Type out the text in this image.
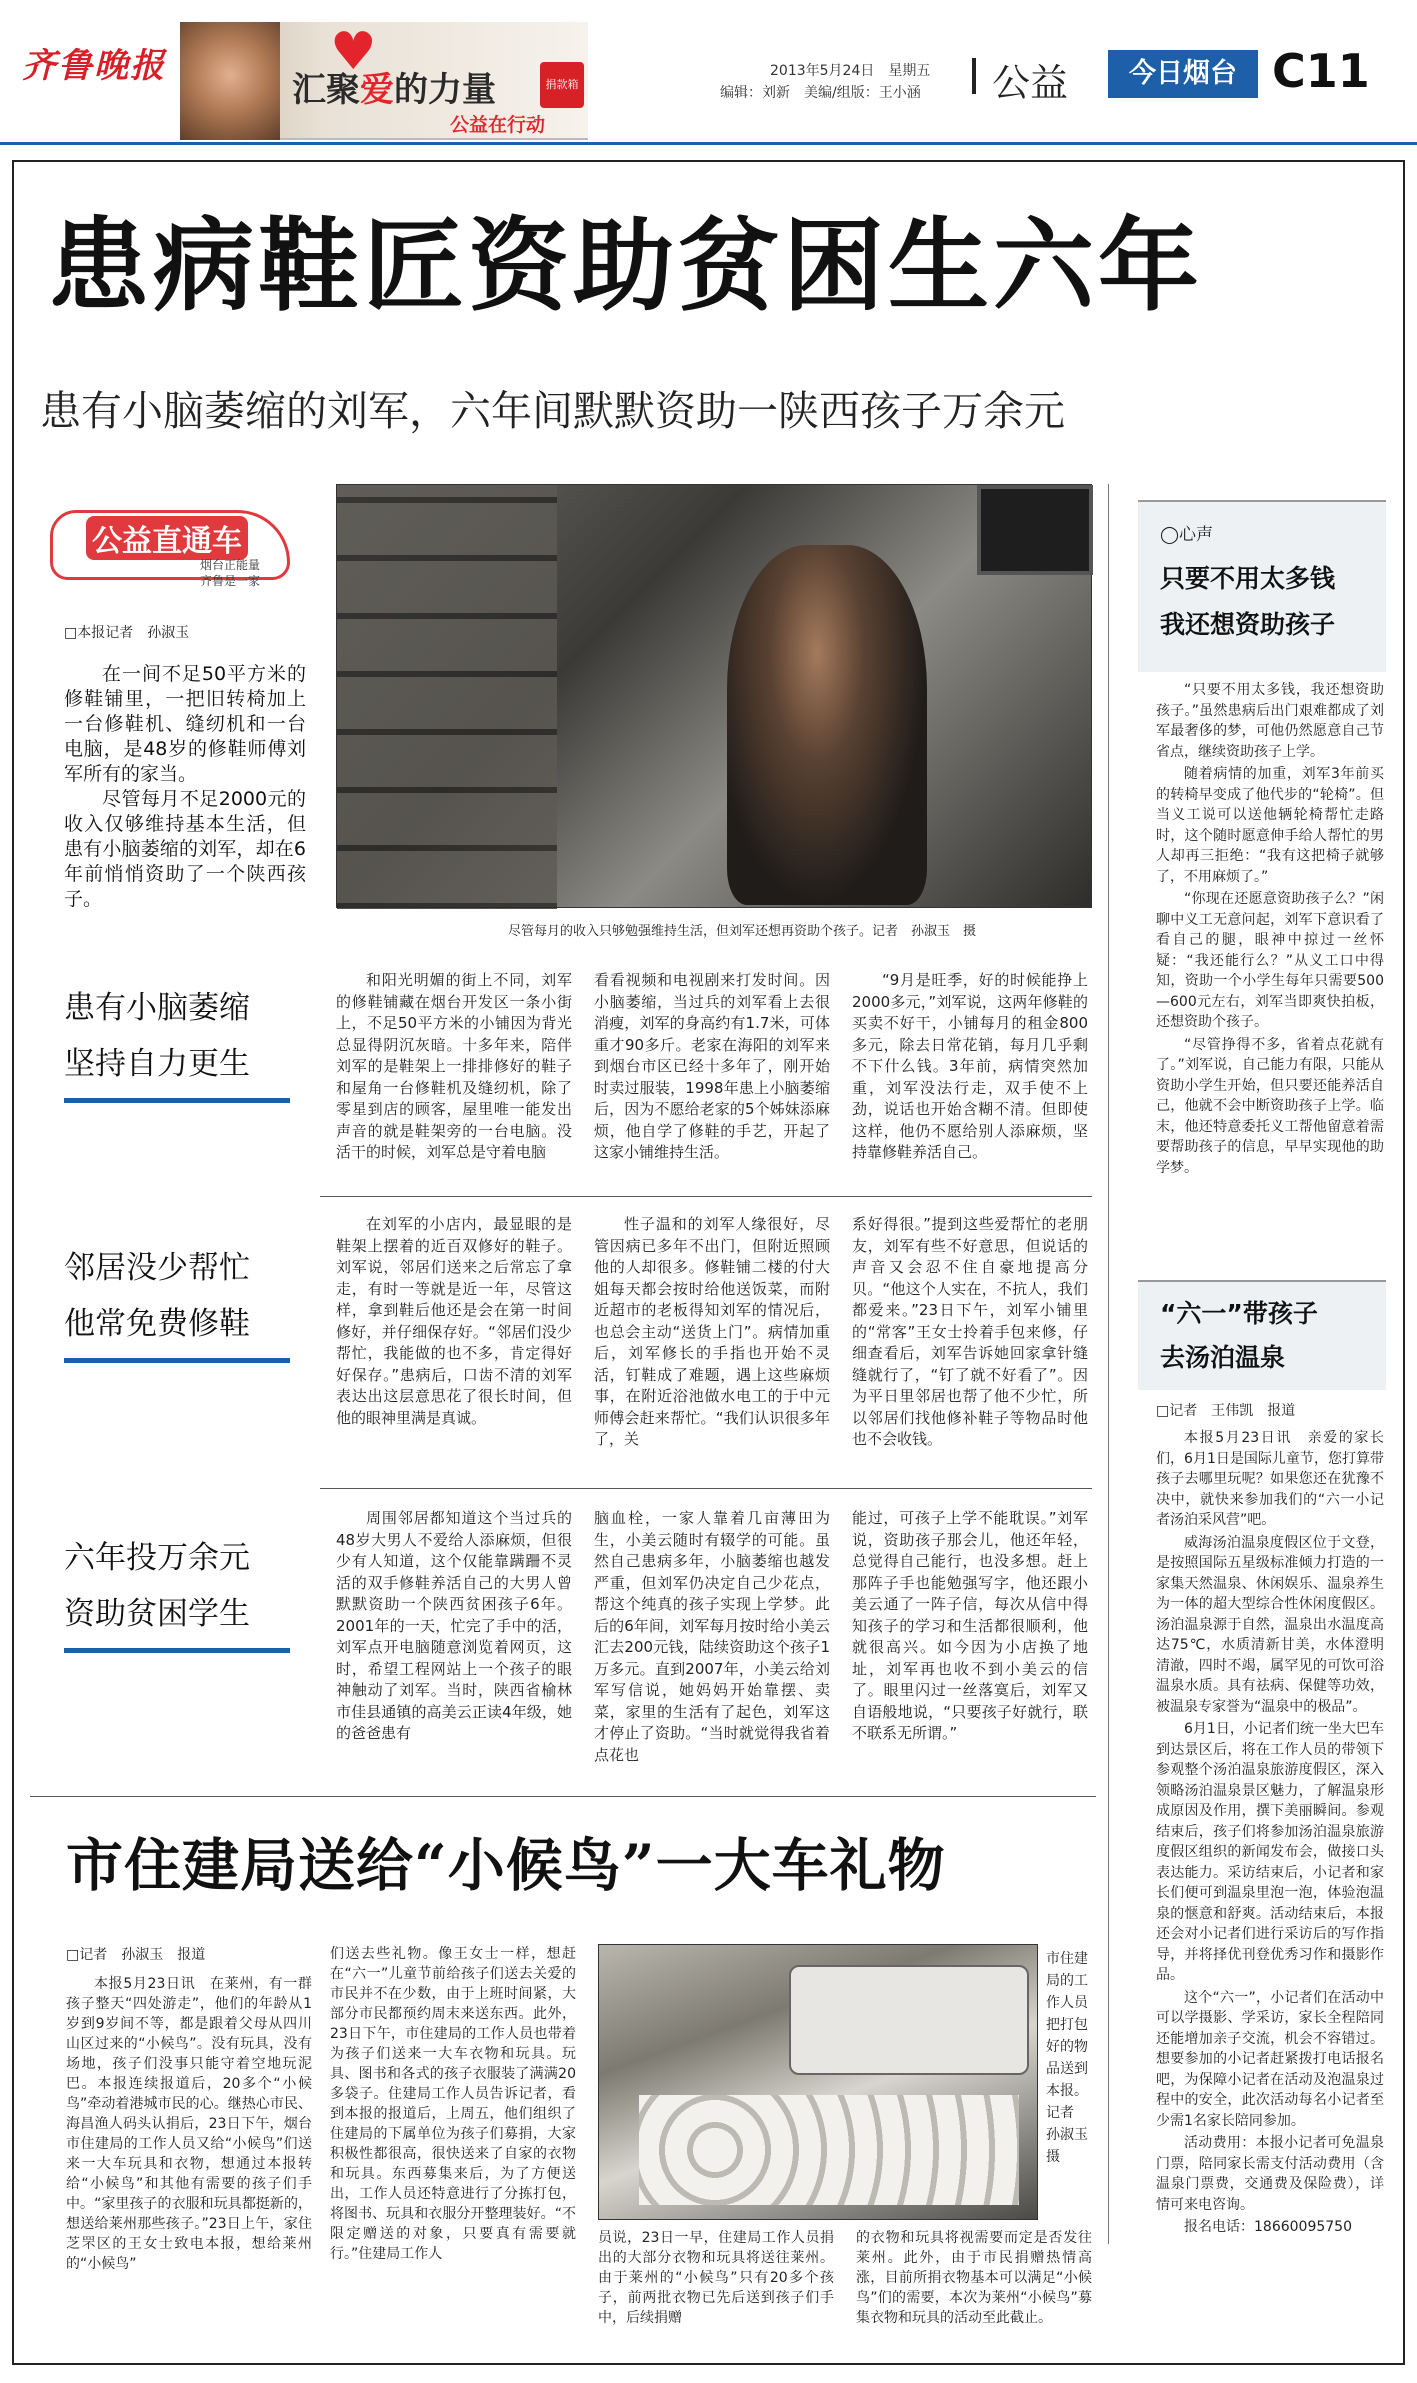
齐鲁晚报	♥
汇聚爱的力量
公益在行动
捐款箱
2013年5月24日　星期五
编辑：刘新　美编/组版：王小涵 公益	今日烟台 C11
患病鞋匠资助贫困生六年
患有小脑萎缩的刘军，六年间默默资助一陕西孩子万余元
公益直通车
烟台正能量
齐鲁是一家
□本报记者　孙淑玉

在一间不足50平方米的修鞋铺里，一把旧转椅加上一台修鞋机、缝纫机和一台电脑，是48岁的修鞋师傅刘军所有的家当。

尽管每月不足2000元的收入仅够维持基本生活，但患有小脑萎缩的刘军，却在6年前悄悄资助了一个陕西孩子。

尽管每月的收入只够勉强维持生活，但刘军还想再资助个孩子。记者　孙淑玉　摄
患有小脑萎缩
坚持自力更生

和阳光明媚的街上不同，刘军的修鞋铺藏在烟台开发区一条小街上，不足50平方米的小铺因为背光总显得阴沉灰暗。十多年来，陪伴刘军的是鞋架上一排排修好的鞋子和屋角一台修鞋机及缝纫机，除了零星到店的顾客，屋里唯一能发出声音的就是鞋架旁的一台电脑。没活干的时候，刘军总是守着电脑

看看视频和电视剧来打发时间。因小脑萎缩，当过兵的刘军看上去很消瘦，刘军的身高约有1.7米，可体重才90多斤。老家在海阳的刘军来到烟台市区已经十多年了，刚开始时卖过服装，1998年患上小脑萎缩后，因为不愿给老家的5个姊妹添麻烦，他自学了修鞋的手艺，开起了这家小铺维持生活。

“9月是旺季，好的时候能挣上2000多元，”刘军说，这两年修鞋的买卖不好干，小铺每月的租金800多元，除去日常花销，每月几乎剩不下什么钱。3年前，病情突然加重，刘军没法行走，双手使不上劲，说话也开始含糊不清。但即使这样，他仍不愿给别人添麻烦，坚持靠修鞋养活自己。

邻居没少帮忙
他常免费修鞋

在刘军的小店内，最显眼的是鞋架上摆着的近百双修好的鞋子。刘军说，邻居们送来之后常忘了拿走，有时一等就是近一年，尽管这样，拿到鞋后他还是会在第一时间修好，并仔细保存好。“邻居们没少帮忙，我能做的也不多，肯定得好好保存。”患病后，口齿不清的刘军表达出这层意思花了很长时间，但他的眼神里满是真诚。

性子温和的刘军人缘很好，尽管因病已多年不出门，但附近照顾他的人却很多。修鞋铺二楼的付大姐每天都会按时给他送饭菜，而附近超市的老板得知刘军的情况后，也总会主动“送货上门”。病情加重后，刘军修长的手指也开始不灵活，钉鞋成了难题，遇上这些麻烦事，在附近浴池做水电工的于中元师傅会赶来帮忙。“我们认识很多年了，关

系好得很。”提到这些爱帮忙的老朋友，刘军有些不好意思，但说话的声音又会忍不住自豪地提高分贝。“他这个人实在，不抗人，我们都爱来。”23日下午，刘军小铺里的“常客”王女士拎着手包来修，仔细查看后，刘军告诉她回家拿针缝缝就行了，“钉了就不好看了”。因为平日里邻居也帮了他不少忙，所以邻居们找他修补鞋子等物品时他也不会收钱。

六年投万余元
资助贫困学生

周围邻居都知道这个当过兵的48岁大男人不爱给人添麻烦，但很少有人知道，这个仅能靠蹒跚不灵活的双手修鞋养活自己的大男人曾默默资助一个陕西贫困孩子6年。2001年的一天，忙完了手中的活，刘军点开电脑随意浏览着网页，这时，希望工程网站上一个孩子的眼神触动了刘军。当时，陕西省榆林市佳县通镇的高美云正读4年级，她的爸爸患有

脑血栓，一家人靠着几亩薄田为生，小美云随时有辍学的可能。虽然自己患病多年，小脑萎缩也越发严重，但刘军仍决定自己少花点，帮这个纯真的孩子实现上学梦。此后的6年间，刘军每月按时给小美云汇去200元钱，陆续资助这个孩子1万多元。直到2007年，小美云给刘军写信说，她妈妈开始靠摆、卖菜，家里的生活有了起色，刘军这才停止了资助。“当时就觉得我省着点花也

能过，可孩子上学不能耽误。”刘军说，资助孩子那会儿，他还年轻，总觉得自己能行，也没多想。赶上那阵子手也能勉强写字，他还跟小美云通了一阵子信，每次从信中得知孩子的学习和生活都很顺利，他就很高兴。如今因为小店换了地址，刘军再也收不到小美云的信了。眼里闪过一丝落寞后，刘军又自语般地说，“只要孩子好就行，联不联系无所谓。”

◯心声
只要不用太多钱
我还想资助孩子

“只要不用太多钱，我还想资助孩子。”虽然患病后出门艰难都成了刘军最奢侈的梦，可他仍然愿意自己节省点，继续资助孩子上学。

随着病情的加重，刘军3年前买的转椅早变成了他代步的“轮椅”。但当义工说可以送他辆轮椅帮忙走路时，这个随时愿意伸手给人帮忙的男人却再三拒绝：“我有这把椅子就够了，不用麻烦了。”

“你现在还愿意资助孩子么？”闲聊中义工无意问起，刘军下意识看了看自己的腿，眼神中掠过一丝怀疑：“我还能行么？”从义工口中得知，资助一个小学生每年只需要500—600元左右，刘军当即爽快拍板，还想资助个孩子。

“尽管挣得不多，省着点花就有了。”刘军说，自己能力有限，只能从资助小学生开始，但只要还能养活自己，他就不会中断资助孩子上学。临末，他还特意委托义工帮他留意着需要帮助孩子的信息，早早实现他的助学梦。

“六一”带孩子
去汤泊温泉
□记者　王伟凯　报道

本报5月23日讯　亲爱的家长们，6月1日是国际儿童节，您打算带孩子去哪里玩呢？如果您还在犹豫不决中，就快来参加我们的“六一小记者汤泊采风营”吧。

威海汤泊温泉度假区位于文登，是按照国际五星级标准倾力打造的一家集天然温泉、休闲娱乐、温泉养生为一体的超大型综合性休闲度假区。汤泊温泉源于自然，温泉出水温度高达75℃，水质清新甘美，水体澄明清澈，四时不竭，属罕见的可饮可浴温泉水质。具有祛病、保健等功效，被温泉专家誉为“温泉中的极品”。

6月1日，小记者们统一坐大巴车到达景区后，将在工作人员的带领下参观整个汤泊温泉旅游度假区，深入领略汤泊温泉景区魅力，了解温泉形成原因及作用，撰下美丽瞬间。参观结束后，孩子们将参加汤泊温泉旅游度假区组织的新闻发布会，做接口头表达能力。采访结束后，小记者和家长们便可到温泉里泡一泡，体验泡温泉的惬意和舒爽。活动结束后，本报还会对小记者们进行采访后的写作指导，并将择优刊登优秀习作和摄影作品。

这个“六一”，小记者们在活动中可以学摄影、学采访，家长全程陪同还能增加亲子交流，机会不容错过。想要参加的小记者赶紧拨打电话报名吧，为保障小记者在活动及泡温泉过程中的安全，此次活动每名小记者至少需1名家长陪同参加。

活动费用：本报小记者可免温泉门票，陪同家长需支付活动费用（含温泉门票费，交通费及保险费），详情可来电咨询。

报名电话：18660095750

市住建局送给“小候鸟”一大车礼物
□记者　孙淑玉　报道

本报5月23日讯　在莱州，有一群孩子整天“四处游走”，他们的年龄从1岁到9岁间不等，都是跟着父母从四川山区过来的“小候鸟”。没有玩具，没有场地，孩子们没事只能守着空地玩泥巴。本报连续报道后，20多个“小候鸟”牵动着港城市民的心。继热心市民、海昌渔人码头认捐后，23日下午，烟台市住建局的工作人员又给“小候鸟”们送来一大车玩具和衣物，想通过本报转给“小候鸟”和其他有需要的孩子们手中。“家里孩子的衣服和玩具都挺新的，想送给莱州那些孩子。”23日上午，家住芝罘区的王女士致电本报，想给莱州的“小候鸟”

们送去些礼物。像王女士一样，想赶在“六一”儿童节前给孩子们送去关爱的市民并不在少数，由于上班时间紧，大部分市民都预约周末来送东西。此外，23日下午，市住建局的工作人员也带着为孩子们送来一大车衣物和玩具。玩具、图书和各式的孩子衣服装了满满20多袋子。住建局工作人员告诉记者，看到本报的报道后，上周五，他们组织了住建局的下属单位为孩子们募捐，大家积极性都很高，很快送来了自家的衣物和玩具。东西募集来后，为了方便送出，工作人员还特意进行了分拣打包，将图书、玩具和衣服分开整理装好。“不限定赠送的对象，只要真有需要就行。”住建局工作人

市住建局的工作人员把打包好的物品送到本报。记者　孙淑玉　摄

员说，23日一早，住建局工作人员捐出的大部分衣物和玩具将送往莱州。由于莱州的“小候鸟”只有20多个孩子，前两批衣物已先后送到孩子们手中，后续捐赠

的衣物和玩具将视需要而定是否发往莱州。此外，由于市民捐赠热情高涨，目前所捐衣物基本可以满足“小候鸟”们的需要，本次为莱州“小候鸟”募集衣物和玩具的活动至此截止。
